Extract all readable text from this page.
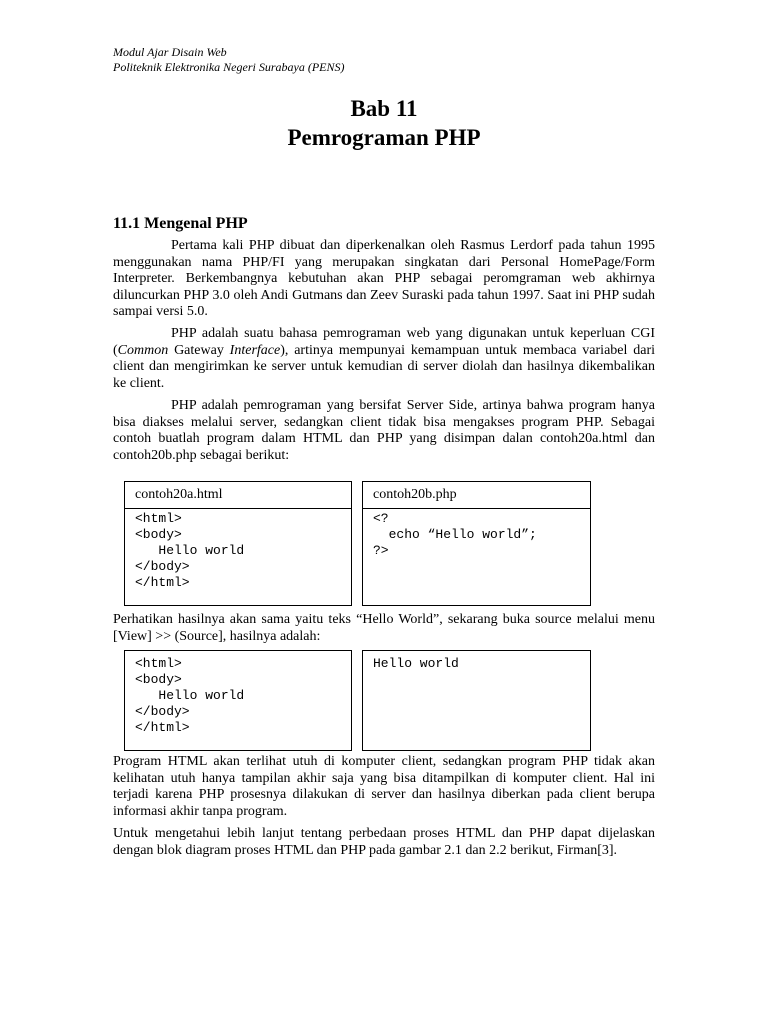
Modul Ajar Disain Web
Politeknik Elektronika Negeri Surabaya (PENS)
Bab 11
Pemrograman PHP
11.1 Mengenal PHP
Pertama kali PHP dibuat dan diperkenalkan oleh Rasmus Lerdorf pada tahun 1995 menggunakan nama PHP/FI yang merupakan singkatan dari Personal HomePage/Form Interpreter. Berkembangnya kebutuhan akan PHP sebagai peromgraman web akhirnya diluncurkan PHP 3.0 oleh Andi Gutmans dan Zeev Suraski pada tahun 1997. Saat ini PHP sudah sampai versi 5.0.
PHP adalah suatu bahasa pemrograman web yang digunakan untuk keperluan CGI (Common Gateway Interface), artinya mempunyai kemampuan untuk membaca variabel dari client dan mengirimkan ke server untuk kemudian di server diolah dan hasilnya dikembalikan ke client.
PHP adalah pemrograman yang bersifat Server Side, artinya bahwa program hanya bisa diakses melalui server, sedangkan client tidak bisa mengakses program PHP. Sebagai contoh buatlah program dalam HTML dan PHP yang disimpan dalan contoh20a.html dan contoh20b.php sebagai berikut:
contoh20a.html
<html>
<body>
Hello world
</body>
</html>
contoh20b.php
<?
echo “Hello world”;
?>
Perhatikan hasilnya akan sama yaitu teks “Hello World”, sekarang buka source melalui menu [View] >> (Source], hasilnya adalah:
<html>
<body>
Hello world
</body>
</html>
Hello world
Program HTML akan terlihat utuh di komputer client, sedangkan program PHP tidak akan kelihatan utuh hanya tampilan akhir saja yang bisa ditampilkan di komputer client. Hal ini terjadi karena PHP prosesnya dilakukan di server dan hasilnya diberkan pada client berupa informasi akhir tanpa program.
Untuk mengetahui lebih lanjut tentang perbedaan proses HTML dan PHP dapat dijelaskan dengan blok diagram proses HTML dan PHP pada gambar 2.1 dan 2.2 berikut, Firman[3].
